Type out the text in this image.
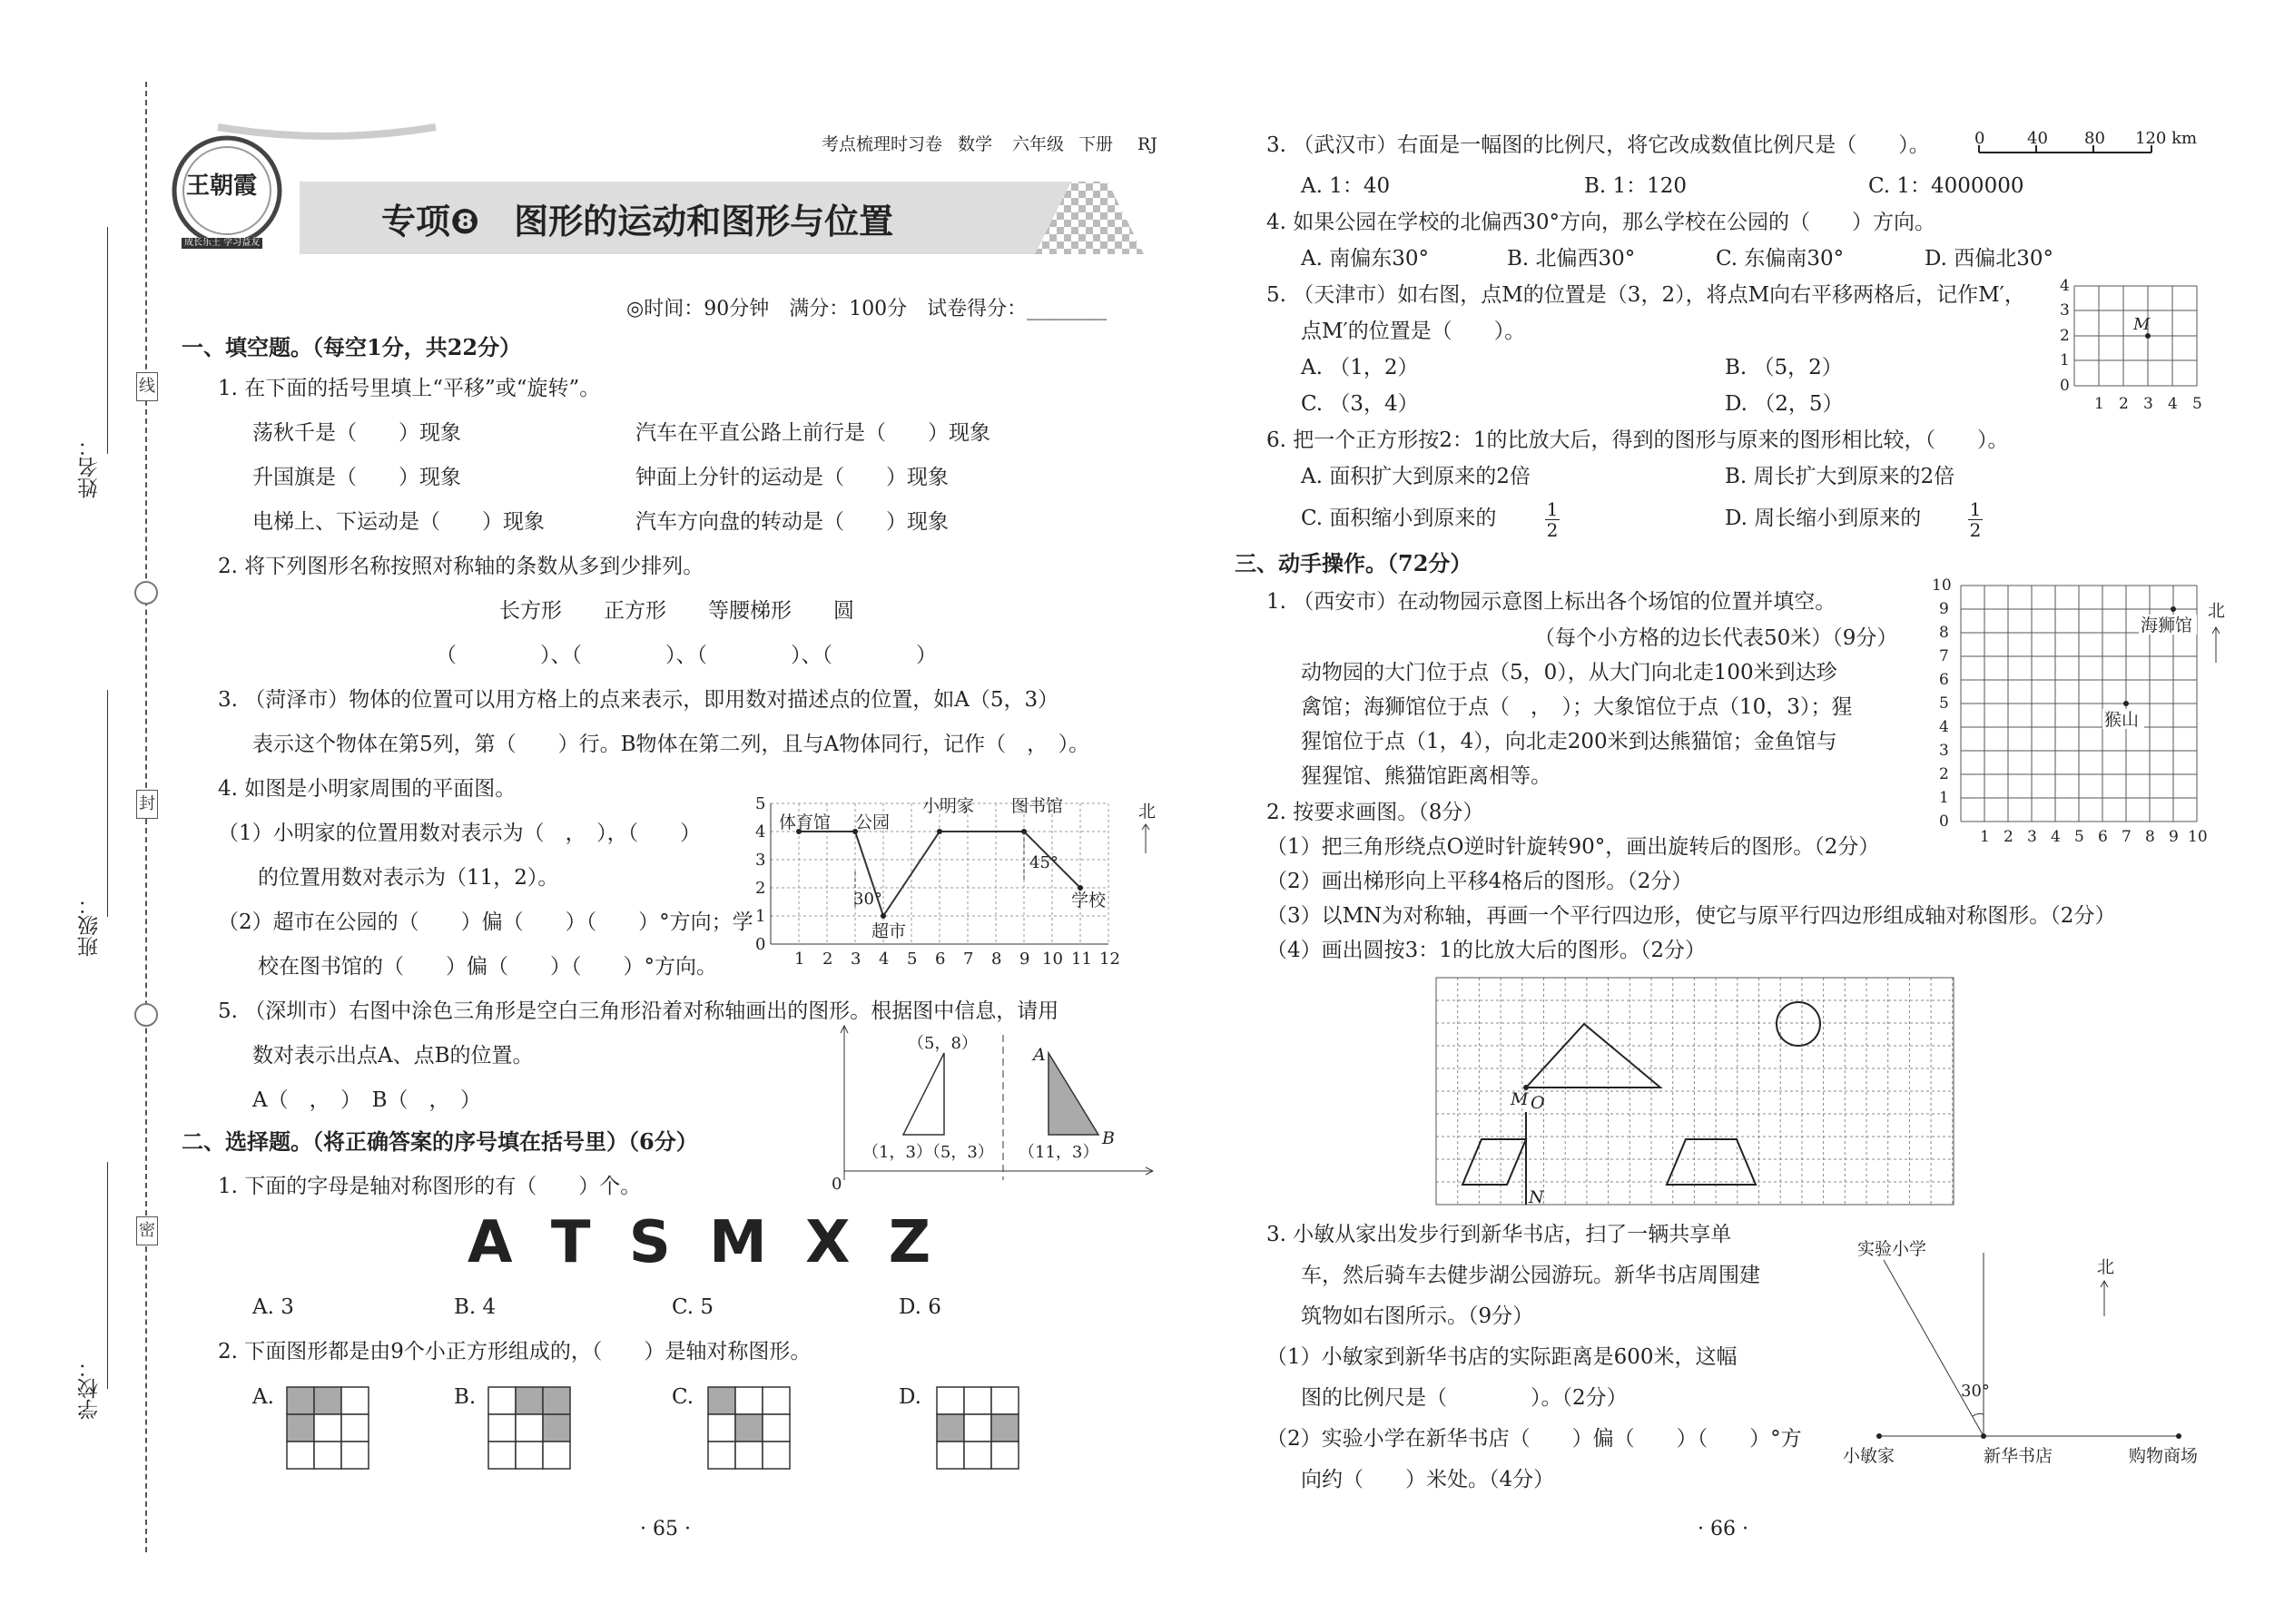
姓名：
班级：
学校：
线
封
密
王朝霞
成长乐土 学习益友
专项❽　图形的运动和图形与位置
考点梳理时习卷 数学 六年级 下册 RJ
◎时间：90分钟　满分：100分　试卷得分：________
一、填空题。（每空1分，共22分）
1. 在下面的括号里填上“平移”或“旋转”。
荡秋千是（　　）现象	汽车在平直公路上前行是（　　）现象
升国旗是（　　）现象	钟面上分针的运动是（　　）现象
电梯上、下运动是（　　）现象	汽车方向盘的转动是（　　）现象
2. 将下列图形名称按照对称轴的条数从多到少排列。
长方形　　正方形　　等腰梯形　　圆
（　　　　）、（　　　　）、（　　　　）、（　　　　）
3. （菏泽市）物体的位置可以用方格上的点来表示，即用数对描述点的位置，如A（5，3）
表示这个物体在第5列，第（　　）行。B物体在第二列，且与A物体同行，记作（　，　）。
4. 如图是小明家周围的平面图。
（1）小明家的位置用数对表示为（　，　），（　　）
的位置用数对表示为（11，2）。
（2）超市在公园的（　　）偏（　　）（　　）°方向；学
校在图书馆的（　　）偏（　　）（　　）°方向。
5. （深圳市）右图中涂色三角形是空白三角形沿着对称轴画出的图形。根据图中信息，请用
数对表示出点A、点B的位置。
A（　，　）　B（　，　）
体育馆 公园
小明家 图书馆
超市
学校
30°
45°
北
1 2 3 4 5 6 7 8 9 10 11 12
0
1
2
3
4
5
（5，8）
（1，3）（5，3） （11，3）
A
B
0
二、选择题。（将正确答案的序号填在括号里）（6分）
1. 下面的字母是轴对称图形的有（　　）个。
A T S M X Z
A. 3	B. 4	C. 5	D. 6
2. 下面图形都是由9个小正方形组成的，（　　）是轴对称图形。
A.	B.	C.	D.
· 65 ·
3. （武汉市）右面是一幅图的比例尺，将它改成数值比例尺是（　　）。	0	40 80 120 km
A. 1：40	B. 1：120	C. 1：4000000
4. 如果公园在学校的北偏西30°方向，那么学校在公园的（　　）方向。
A. 南偏东30°	B. 北偏西30°	C. 东偏南30°	D. 西偏北30°
5. （天津市）如右图，点M的位置是（3，2），将点M向右平移两格后，记作M′，
点M′的位置是（　　）。
A. （1，2）	B. （5，2）
C. （3，4）	D. （2，5）
M
0
1
2
3
4
1 2 3 4 5
6. 把一个正方形按2：1的比放大后，得到的图形与原来的图形相比较，（　　）。
A. 面积扩大到原来的2倍	B. 周长扩大到原来的2倍
C. 面积缩小到原来的	$\frac{1}{2}$	D. 周长缩小到原来的	$\frac{1}{2}$
三、动手操作。（72分）
1. （西安市）在动物园示意图上标出各个场馆的位置并填空。
（每个小方格的边长代表50米）（9分）
动物园的大门位于点（5，0），从大门向北走100米到达珍
禽馆；海狮馆位于点（　，　）；大象馆位于点（10，3）；猩
猩馆位于点（1，4），向北走200米到达熊猫馆；金鱼馆与
猩猩馆、熊猫馆距离相等。
海狮馆
猴山
0
1
2
3
4
5
6
7
8
9
10
1 2 3 4 5 6 7 8 9 10
北
2. 按要求画图。（8分）
（1）把三角形绕点O逆时针旋转90°，画出旋转后的图形。（2分）
（2）画出梯形向上平移4格后的图形。（2分）
（3）以MN为对称轴，再画一个平行四边形，使它与原平行四边形组成轴对称图形。（2分）
（4）画出圆按3：1的比放大后的图形。（2分）
M O
N
3. 小敏从家出发步行到新华书店，扫了一辆共享单
车，然后骑车去健步湖公园游玩。新华书店周围建
筑物如右图所示。（9分）
（1）小敏家到新华书店的实际距离是600米，这幅
图的比例尺是（　　　　）。（2分）
（2）实验小学在新华书店（　　）偏（　　）（　　）°方
向约（　　）米处。（4分）
实验小学
30°
小敏家	新华书店	购物商场
北
· 66 ·
